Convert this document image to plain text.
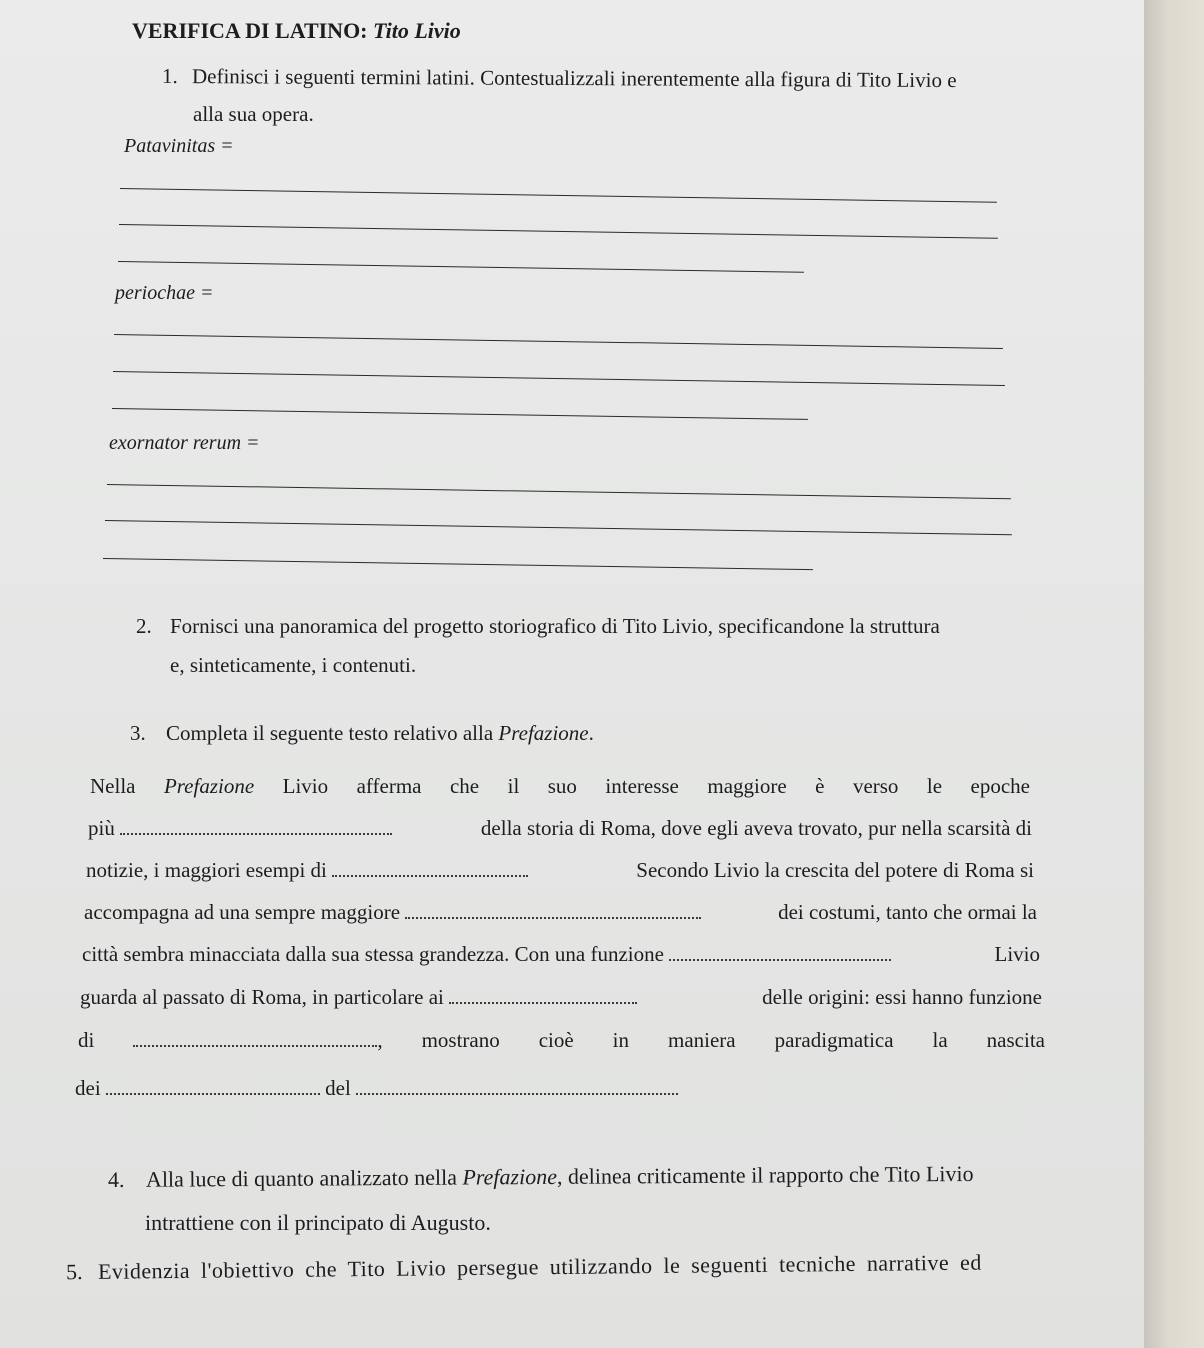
VERIFICA DI LATINO: Tito Livio
1. Definisci i seguenti termini latini. Contestualizzali inerentemente alla figura di Tito Livio e
alla sua opera.
Patavinitas =
periochae =
exornator rerum =
2. Fornisci una panoramica del progetto storiografico di Tito Livio, specificandone la struttura
e, sinteticamente, i contenuti.
3. Completa il seguente testo relativo alla Prefazione.
Nella Prefazione Livio afferma che il suo interesse maggiore è verso le epoche
più	della storia di Roma, dove egli aveva trovato, pur nella scarsità di
notizie, i maggiori esempi di	Secondo Livio la crescita del potere di Roma si
accompagna ad una sempre maggiore	dei costumi, tanto che ormai la
città sembra minacciata dalla sua stessa grandezza. Con una funzione	Livio
guarda al passato di Roma, in particolare ai	delle origini: essi hanno funzione
di	, mostrano cioè in maniera paradigmatica la nascita
dei	del
4. Alla luce di quanto analizzato nella Prefazione, delinea criticamente il rapporto che Tito Livio
intrattiene con il principato di Augusto.
5. Evidenzia l'obiettivo che Tito Livio persegue utilizzando le seguenti tecniche narrative ed
